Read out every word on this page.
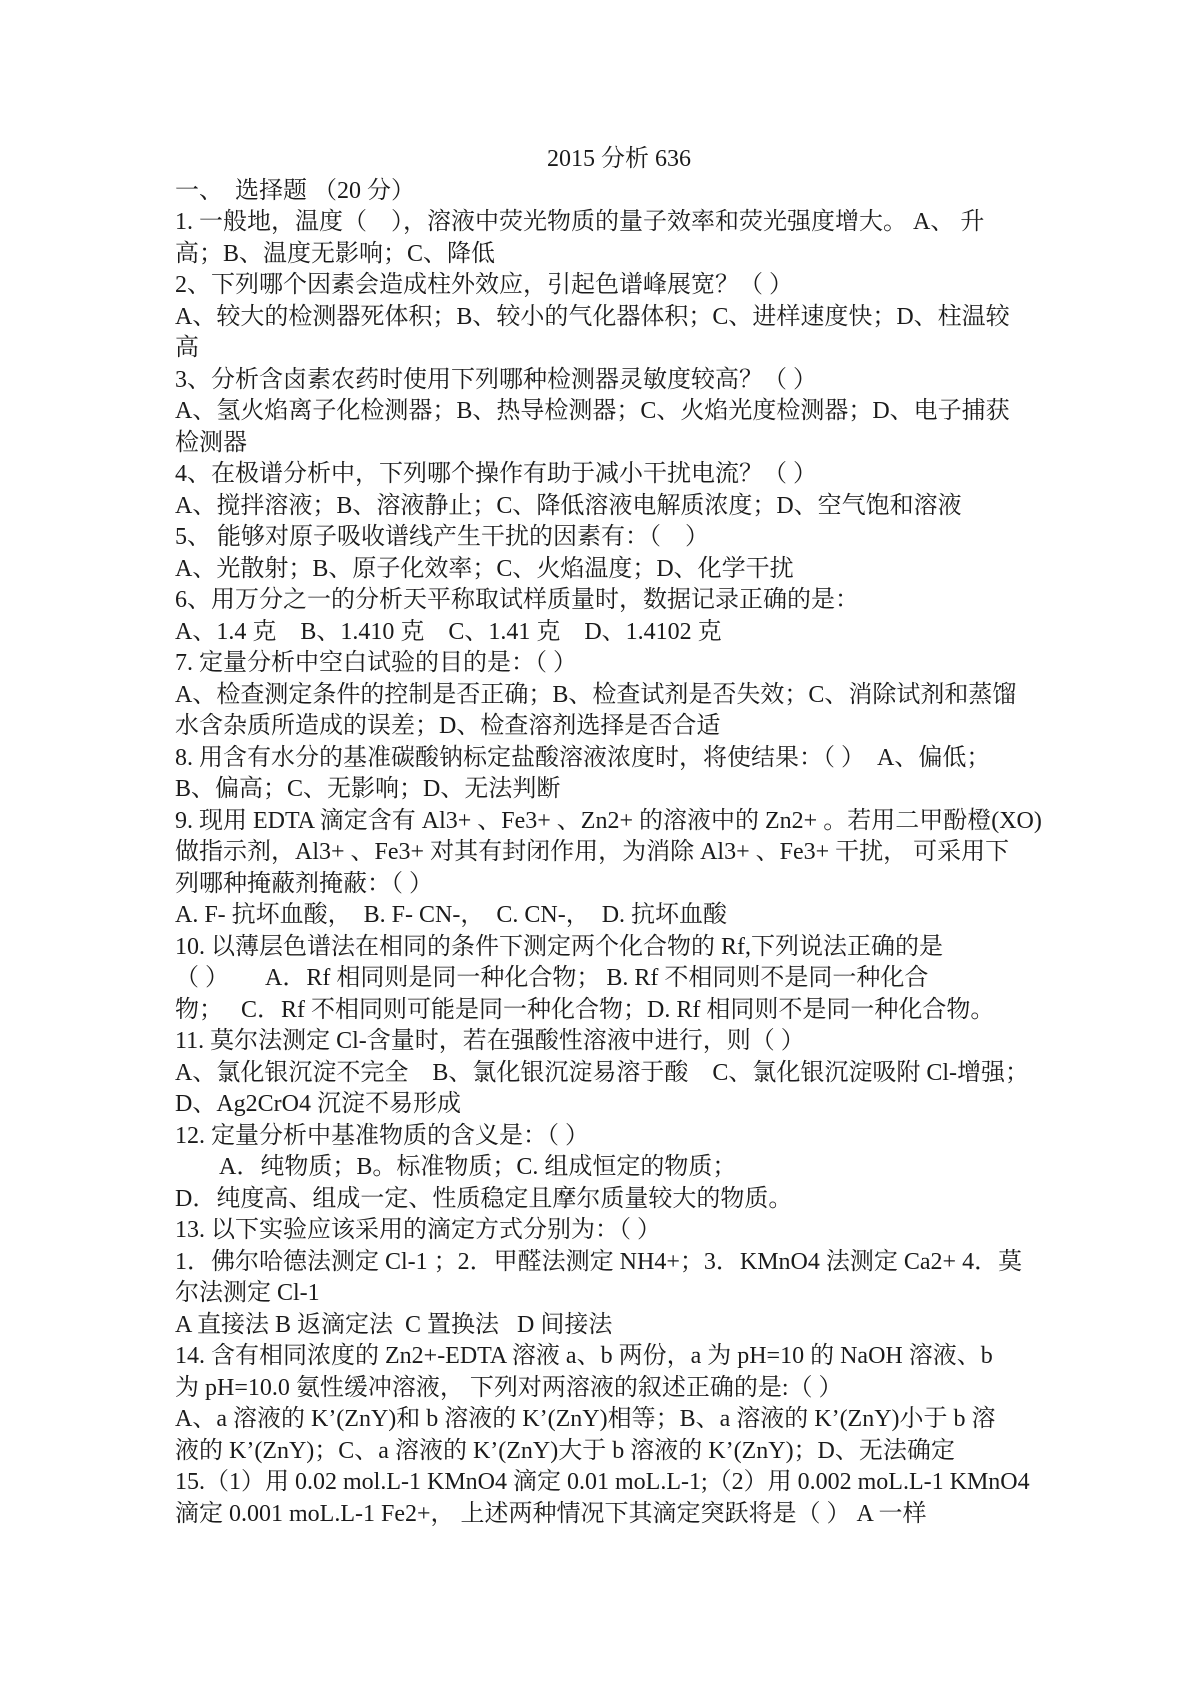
2015 分析 636

一、　选择题 （20 分）

1. 一般地，温度（　），溶液中荧光物质的量子效率和荧光强度增大。 A、 升

高；B、温度无影响；C、降低

2、下列哪个因素会造成柱外效应，引起色谱峰展宽？（ ）

A、较大的检测器死体积；B、较小的气化器体积；C、进样速度快；D、柱温较

高

3、分析含卤素农药时使用下列哪种检测器灵敏度较高？（ ）

A、氢火焰离子化检测器；B、热导检测器；C、火焰光度检测器；D、电子捕获

检测器

4、在极谱分析中，下列哪个操作有助于减小干扰电流？（ ）

A、搅拌溶液；B、溶液静止；C、降低溶液电解质浓度；D、空气饱和溶液

5、 能够对原子吸收谱线产生干扰的因素有：（　）

A、光散射；B、原子化效率；C、火焰温度；D、化学干扰

6、用万分之一的分析天平称取试样质量时，数据记录正确的是：

A、1.4 克　B、1.410 克　C、1.41 克　D、1.4102 克

7. 定量分析中空白试验的目的是：（ ）

A、检查测定条件的控制是否正确；B、检查试剂是否失效；C、消除试剂和蒸馏

水含杂质所造成的误差；D、检查溶剂选择是否合适

8. 用含有水分的基准碳酸钠标定盐酸溶液浓度时，将使结果：（ ）　A、偏低；

B、偏高；C、无影响；D、无法判断

9. 现用 EDTA 滴定含有 Al3+ 、Fe3+ 、Zn2+ 的溶液中的 Zn2+ 。若用二甲酚橙(XO)

做指示剂，Al3+ 、Fe3+ 对其有封闭作用，为消除 Al3+ 、Fe3+ 干扰， 可采用下

列哪种掩蔽剂掩蔽：（ ）

A. F- 抗坏血酸，　B. F- CN-，　C. CN-，　D. 抗坏血酸

10. 以薄层色谱法在相同的条件下测定两个化合物的 Rf,下列说法正确的是

（ ）　　A．Rf 相同则是同一种化合物； B. Rf 不相同则不是同一种化合

物；　 C．Rf 不相同则可能是同一种化合物；D. Rf 相同则不是同一种化合物。

11. 莫尔法测定 Cl-含量时，若在强酸性溶液中进行，则（ ）

A、氯化银沉淀不完全　B、氯化银沉淀易溶于酸　C、氯化银沉淀吸附 Cl-增强；

D、Ag2CrO4 沉淀不易形成

12. 定量分析中基准物质的含义是：（ ）

A．纯物质；B。标准物质；C. 组成恒定的物质；

D．纯度高、组成一定、性质稳定且摩尔质量较大的物质。

13. 以下实验应该采用的滴定方式分别为：（ ）

1．佛尔哈德法测定 Cl-1 ；2．甲醛法测定 NH4+；3．KMnO4 法测定 Ca2+ 4．莫

尔法测定 Cl-1

A 直接法 B 返滴定法  C 置换法   D 间接法

14. 含有相同浓度的 Zn2+-EDTA 溶液 a、b 两份，a 为 pH=10 的 NaOH 溶液、b

为 pH=10.0 氨性缓冲溶液， 下列对两溶液的叙述正确的是:（ ）

A、a 溶液的 K’(ZnY)和 b 溶液的 K’(ZnY)相等；B、a 溶液的 K’(ZnY)小于 b 溶

液的 K’(ZnY)；C、a 溶液的 K’(ZnY)大于 b 溶液的 K’(ZnY)；D、无法确定

15.（1）用 0.02 mol.L-1 KMnO4 滴定 0.01 moL.L-1;（2）用 0.002 moL.L-1 KMnO4

滴定 0.001 moL.L-1 Fe2+， 上述两种情况下其滴定突跃将是（ ） A 一样
